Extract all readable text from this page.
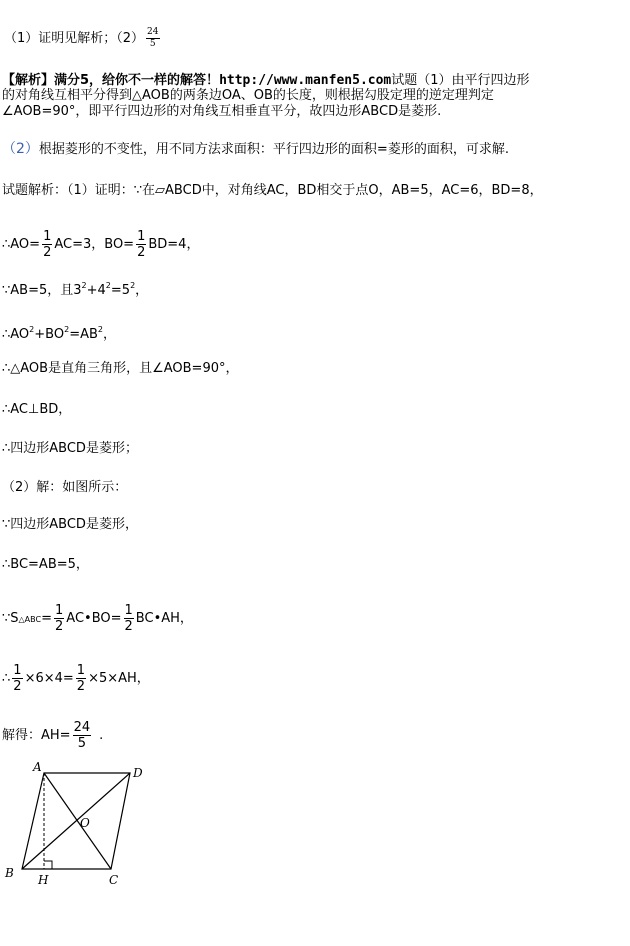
（1）证明见解析；$(2) \frac{24}{5}$
【解析】满分5，给你不一样的解答！http://www.manfen5.com试题（1）由平行四边形
的对角线互相平分得到△AOB的两条边OA、OB的长度，则根据勾股定理的逆定理判定
∠AOB=90°，即平行四边形的对角线互相垂直平分，故四边形ABCD是菱形.
（2）根据菱形的不变性，用不同方法求面积：平行四边形的面积=菱形的面积，可求解.
试题解析：（1）证明：∵在▱ABCD中，对角线AC，BD相交于点O，AB=5，AC=6，BD=8，
∴AO= $\frac{1}{2} AC=3$，$BO= \frac{1}{2} BD=4$，
∵AB=5，且$3^2+4^2=5^2$，
$\therefore AO^2+BO^2=AB^2$，
∴△AOB是直角三角形，且∠AOB=90°，
∴AC⊥BD，
∴四边形ABCD是菱形；
（2）解：如图所示：
∵四边形ABCD是菱形，
∴BC=AB=5，
∵S△ABC= $\frac{1}{2}$ AC•BO= $\frac{1}{2}$ BC•AH，
∴ $\frac{1}{2} \times 6\times 4= \frac{1}{2} \times 5\times AH$，
解得：$AH= \frac{24}{5}$ .
A	D
B	C
O
H
